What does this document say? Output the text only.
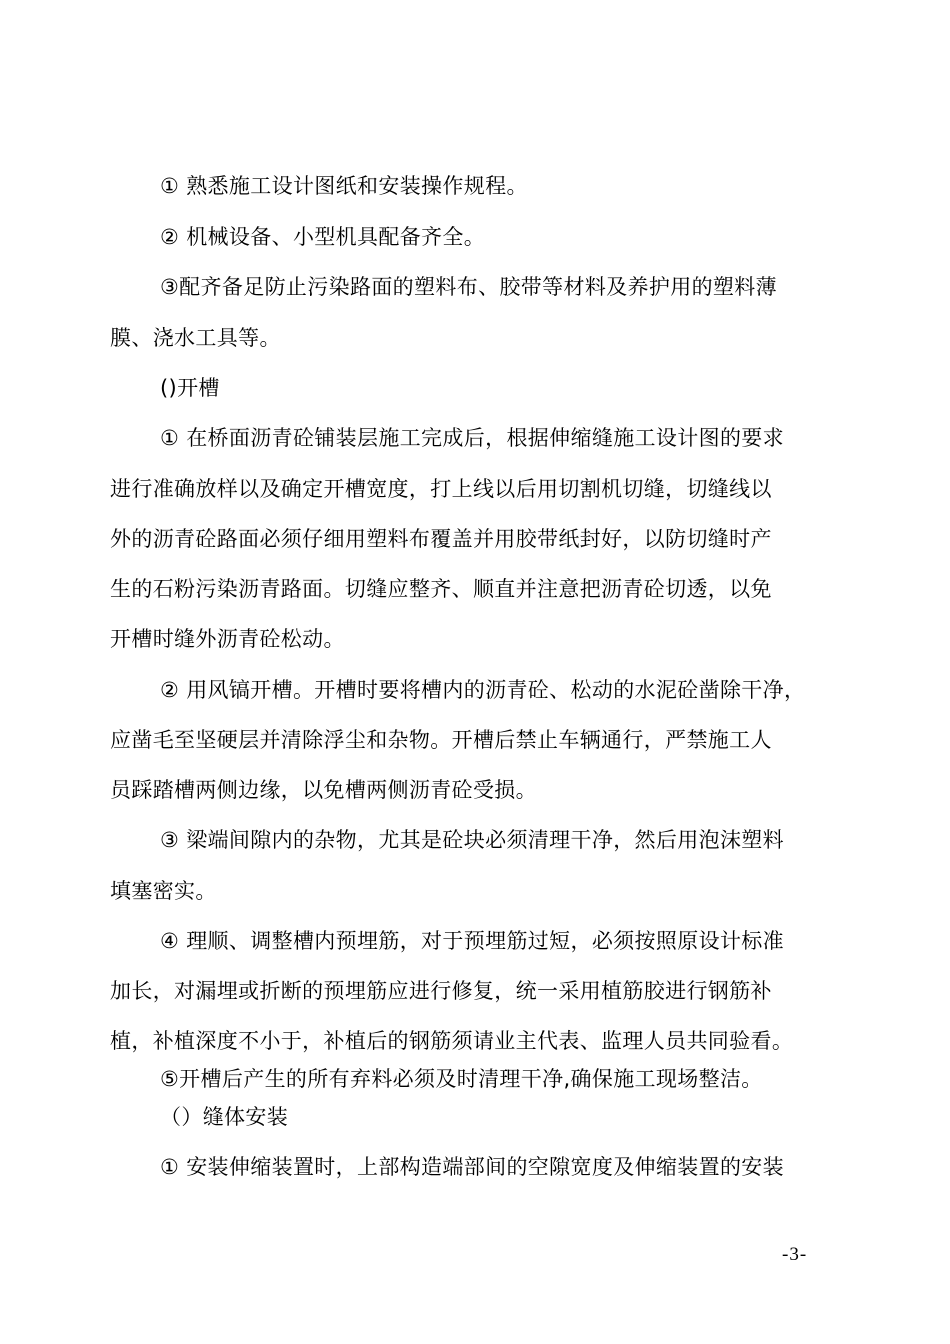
① 熟悉施工设计图纸和安装操作规程。
② 机械设备、小型机具配备齐全。
③配齐备足防止污染路面的塑料布、胶带等材料及养护用的塑料薄
膜、浇水工具等。
()开槽
① 在桥面沥青砼铺装层施工完成后，根据伸缩缝施工设计图的要求
进行准确放样以及确定开槽宽度，打上线以后用切割机切缝，切缝线以
外的沥青砼路面必须仔细用塑料布覆盖并用胶带纸封好，以防切缝时产
生的石粉污染沥青路面。切缝应整齐、顺直并注意把沥青砼切透，以免
开槽时缝外沥青砼松动。
② 用风镐开槽。开槽时要将槽内的沥青砼、松动的水泥砼凿除干净，
应凿毛至坚硬层并清除浮尘和杂物。开槽后禁止车辆通行，严禁施工人
员踩踏槽两侧边缘，以免槽两侧沥青砼受损。
③ 梁端间隙内的杂物，尤其是砼块必须清理干净，然后用泡沫塑料
填塞密实。
④ 理顺、调整槽内预埋筋，对于预埋筋过短，必须按照原设计标准
加长，对漏埋或折断的预埋筋应进行修复，统一采用植筋胶进行钢筋补
植，补植深度不小于，补植后的钢筋须请业主代表、监理人员共同验看。
⑤开槽后产生的所有弃料必须及时清理干净,确保施工现场整洁。
（）缝体安装
① 安装伸缩装置时，上部构造端部间的空隙宽度及伸缩装置的安装
-3-
